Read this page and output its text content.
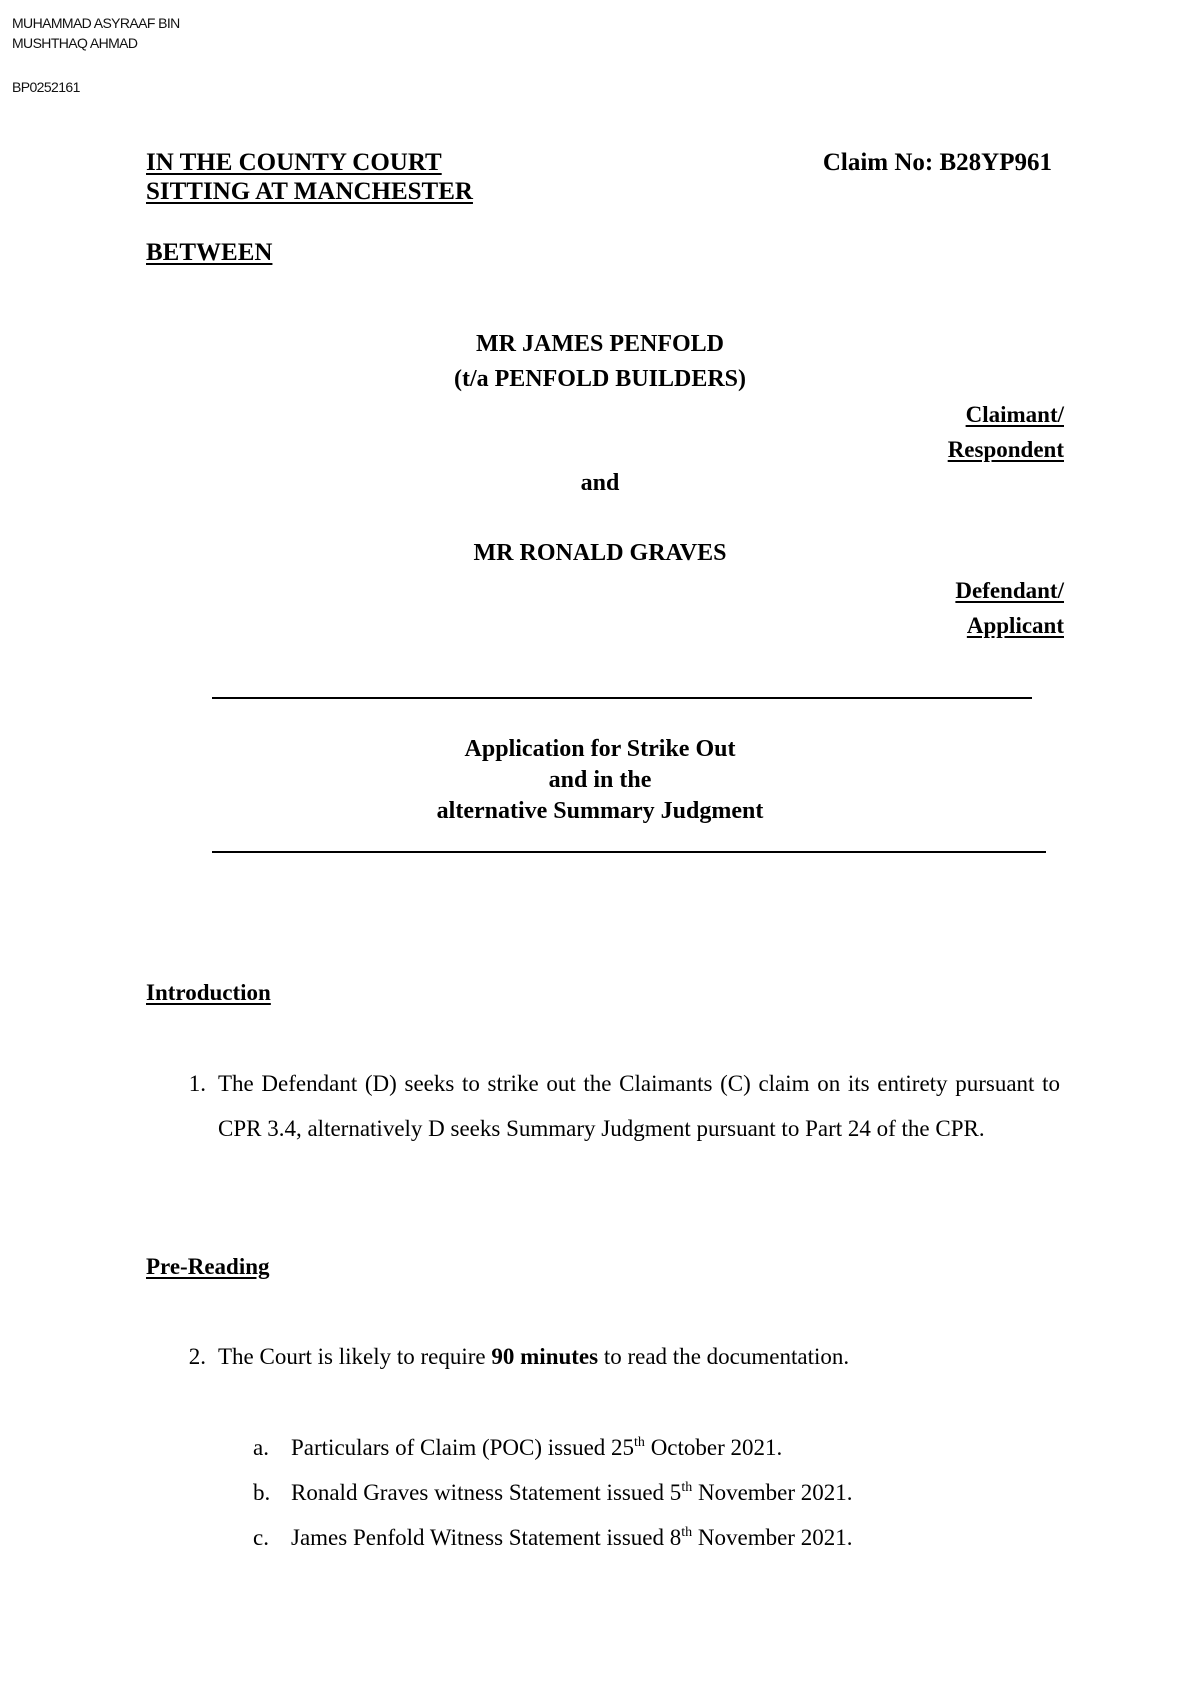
MUHAMMAD ASYRAAF BIN
MUSHTHAQ AHMAD
BP0252161
IN THE COUNTY COURT
SITTING AT MANCHESTER
Claim No: B28YP961
BETWEEN
MR JAMES PENFOLD
(t/a PENFOLD BUILDERS)
Claimant/
Respondent
and
MR RONALD GRAVES
Defendant/
Applicant
Application for Strike Out
and in the
alternative Summary Judgment
Introduction
1. The Defendant (D) seeks to strike out the Claimants (C) claim on its entirety pursuant to CPR 3.4, alternatively D seeks Summary Judgment pursuant to Part 24 of the CPR.
Pre-Reading
2. The Court is likely to require 90 minutes to read the documentation.
a. Particulars of Claim (POC) issued 25th October 2021.
b. Ronald Graves witness Statement issued 5th November 2021.
c. James Penfold Witness Statement issued 8th November 2021.
